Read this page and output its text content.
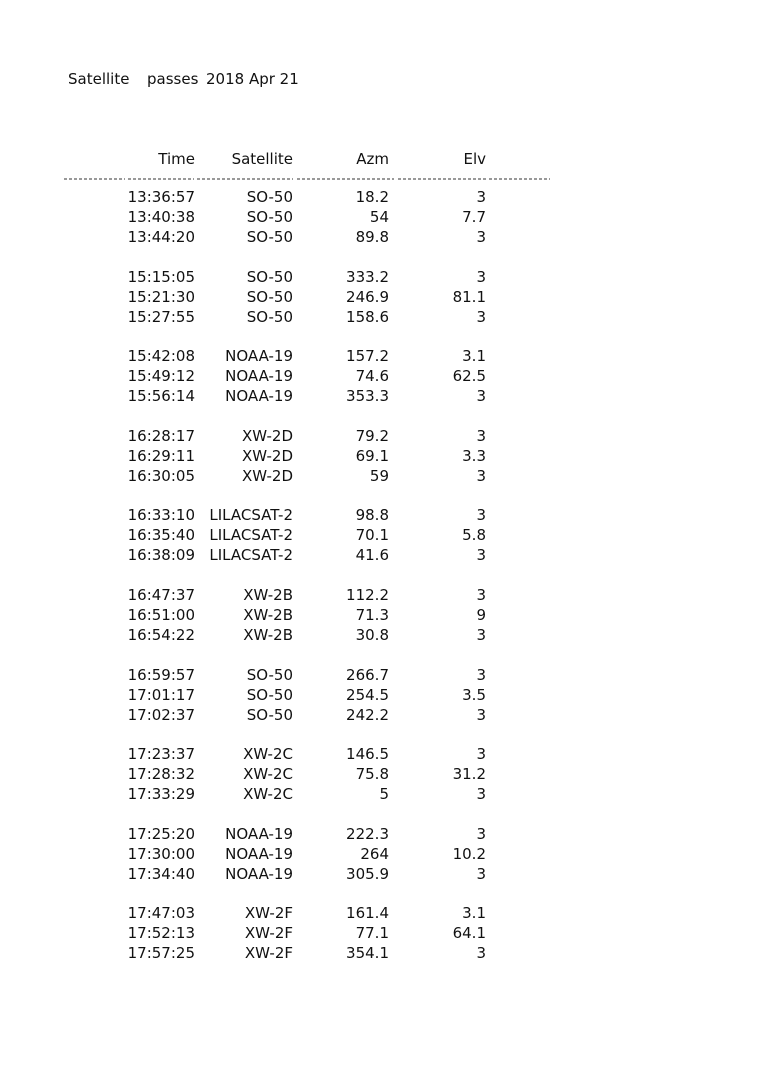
Satellite passes 2018 Apr 21
Time	Satellite	Azm	Elv
13:36:57	SO-50	18.2	3
13:40:38	SO-50	54	7.7
13:44:20	SO-50	89.8	3
15:15:05	SO-50	333.2	3
15:21:30	SO-50	246.9	81.1
15:27:55	SO-50	158.6	3
15:42:08	NOAA-19	157.2	3.1
15:49:12	NOAA-19	74.6	62.5
15:56:14	NOAA-19	353.3	3
16:28:17	XW-2D	79.2	3
16:29:11	XW-2D	69.1	3.3
16:30:05	XW-2D	59	3
16:33:10 LILACSAT-2	98.8	3
16:35:40 LILACSAT-2	70.1	5.8
16:38:09 LILACSAT-2	41.6	3
16:47:37	XW-2B	112.2	3
16:51:00	XW-2B	71.3	9
16:54:22	XW-2B	30.8	3
16:59:57	SO-50	266.7	3
17:01:17	SO-50	254.5	3.5
17:02:37	SO-50	242.2	3
17:23:37	XW-2C	146.5	3
17:28:32	XW-2C	75.8	31.2
17:33:29	XW-2C	5	3
17:25:20	NOAA-19	222.3	3
17:30:00	NOAA-19	264	10.2
17:34:40	NOAA-19	305.9	3
17:47:03	XW-2F	161.4	3.1
17:52:13	XW-2F	77.1	64.1
17:57:25	XW-2F	354.1	3
